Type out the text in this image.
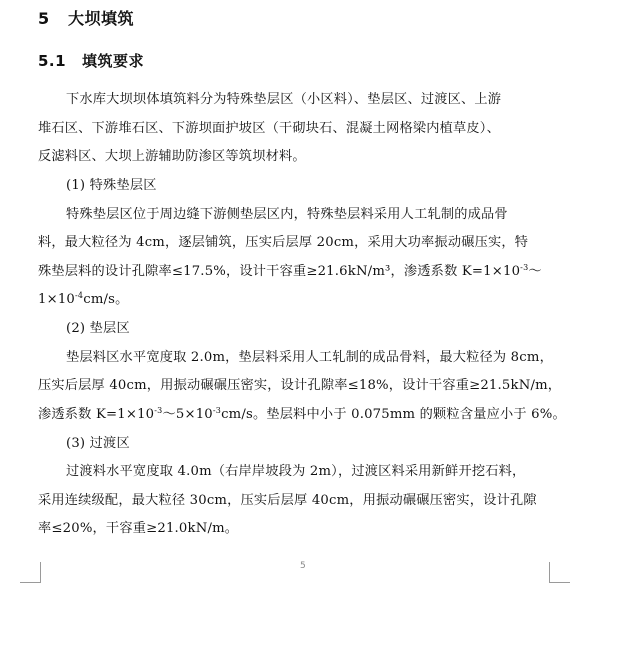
5 大坝填筑
5.1 填筑要求
下水库大坝坝体填筑料分为特殊垫层区（小区料）、垫层区、过渡区、上游
堆石区、下游堆石区、下游坝面护坡区（干砌块石、混凝土网格梁内植草皮）、
反滤料区、大坝上游辅助防渗区等筑坝材料。
(1) 特殊垫层区
特殊垫层区位于周边缝下游侧垫层区内，特殊垫层料采用人工轧制的成品骨
料，最大粒径为 4cm，逐层铺筑，压实后层厚 20cm，采用大功率振动碾压实，特
殊垫层料的设计孔隙率≤17.5%，设计干容重≥21.6kN/m³，渗透系数 $K=1\times 10^{-3}\sim$
$1\times 10^{-4}cm/s$。
(2) 垫层区
垫层料区水平宽度取 2.0m，垫层料采用人工轧制的成品骨料，最大粒径为 8cm，
压实后层厚 40cm，用振动碾碾压密实，设计孔隙率≤18%，设计干容重≥21.5kN/m，
渗透系数 $K=1\times 10^{-3}\sim 5\times 10^{-3}cm/s$。垫层料中小于 0.075mm 的颗粒含量应小于 6%。
(3) 过渡区
过渡料水平宽度取 4.0m（右岸岸坡段为 2m），过渡区料采用新鲜开挖石料，
采用连续级配，最大粒径 30cm，压实后层厚 40cm，用振动碾碾压密实，设计孔隙
率≤20%，干容重≥21.0kN/m。
5
